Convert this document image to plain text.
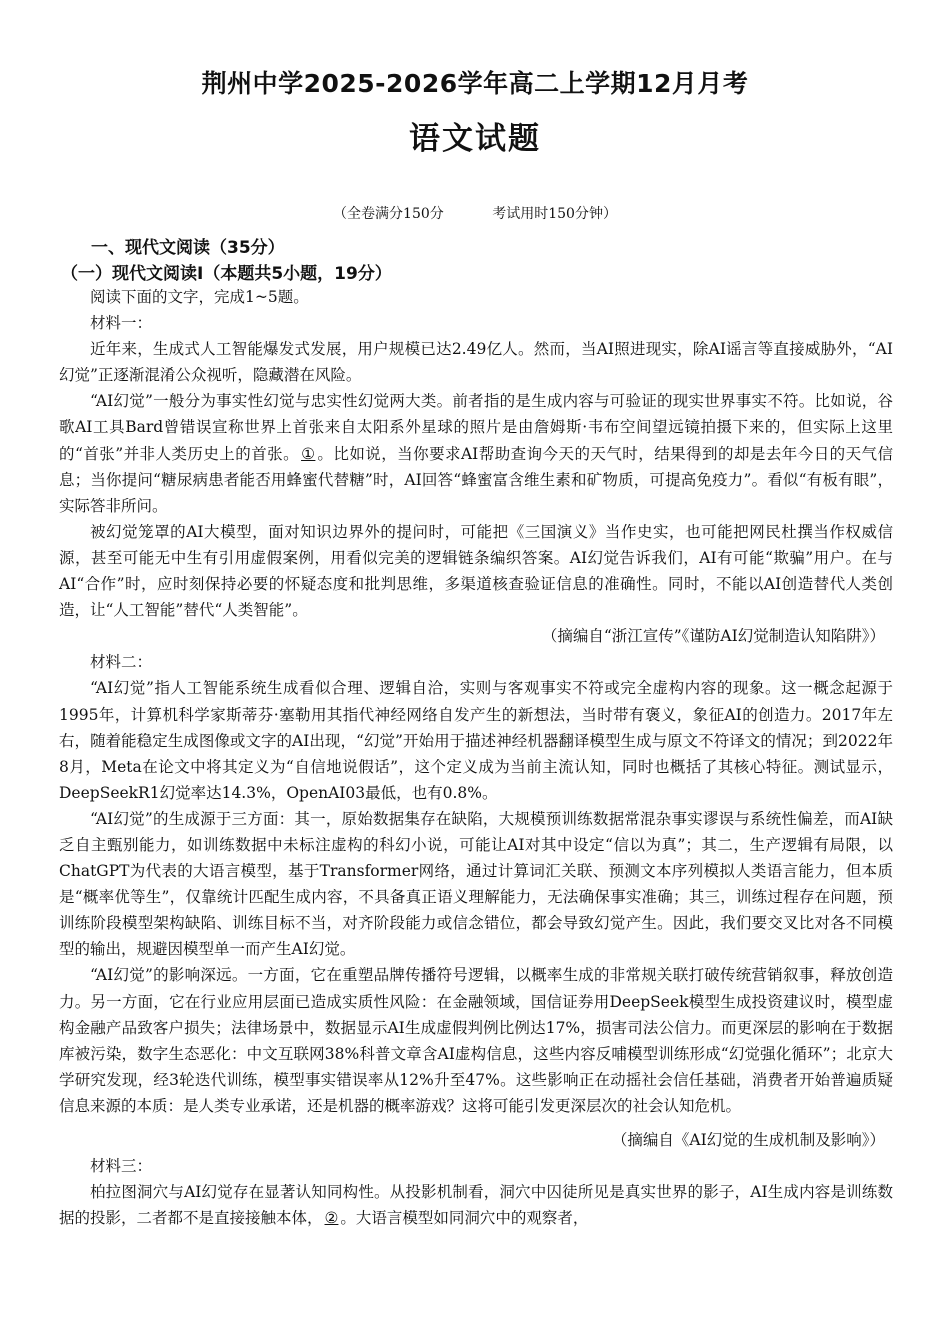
荆州中学2025-2026学年高二上学期12月月考
语文试题
（全卷满分150分	考试用时150分钟）
一、现代文阅读（35分）
（一）现代文阅读Ⅰ（本题共5小题，19分）

阅读下面的文字，完成1~5题。

材料一：

近年来，生成式人工智能爆发式发展，用户规模已达2.49亿人。然而，当AI照进现实，除AI谣言等直接威胁外，“AI幻觉”正逐渐混淆公众视听，隐藏潜在风险。

“AI幻觉”一般分为事实性幻觉与忠实性幻觉两大类。前者指的是生成内容与可验证的现实世界事实不符。比如说，谷歌AI工具Bard曾错误宣称世界上首张来自太阳系外星球的照片是由詹姆斯·韦布空间望远镜拍摄下来的，但实际上这里的“首张”并非人类历史上的首张。 ① 。比如说，当你要求AI帮助查询今天的天气时，结果得到的却是去年今日的天气信息；当你提问“糖尿病患者能否用蜂蜜代替糖”时，AI回答“蜂蜜富含维生素和矿物质，可提高免疫力”。看似“有板有眼”，实际答非所问。

被幻觉笼罩的AI大模型，面对知识边界外的提问时，可能把《三国演义》当作史实，也可能把网民杜撰当作权威信源，甚至可能无中生有引用虚假案例，用看似完美的逻辑链条编织答案。AI幻觉告诉我们，AI有可能“欺骗”用户。在与AI“合作”时，应时刻保持必要的怀疑态度和批判思维，多渠道核查验证信息的准确性。同时，不能以AI创造替代人类创造，让“人工智能”替代“人类智能”。

（摘编自“浙江宣传”《谨防AI幻觉制造认知陷阱》）

材料二：

“AI幻觉”指人工智能系统生成看似合理、逻辑自洽，实则与客观事实不符或完全虚构内容的现象。这一概念起源于1995年，计算机科学家斯蒂芬·塞勒用其指代神经网络自发产生的新想法，当时带有褒义，象征AI的创造力。2017年左右，随着能稳定生成图像或文字的AI出现，“幻觉”开始用于描述神经机器翻译模型生成与原文不符译文的情况；到2022年8月，Meta在论文中将其定义为“自信地说假话”，这个定义成为当前主流认知，同时也概括了其核心特征。测试显示，DeepSeekR1幻觉率达14.3%，OpenAI03最低，也有0.8%。

“AI幻觉”的生成源于三方面：其一，原始数据集存在缺陷，大规模预训练数据常混杂事实谬误与系统性偏差，而AI缺乏自主甄别能力，如训练数据中未标注虚构的科幻小说，可能让AI对其中设定“信以为真”；其二，生产逻辑有局限，以ChatGPT为代表的大语言模型，基于Transformer网络，通过计算词汇关联、预测文本序列模拟人类语言能力，但本质是“概率优等生”，仅靠统计匹配生成内容，不具备真正语义理解能力，无法确保事实准确；其三，训练过程存在问题，预训练阶段模型架构缺陷、训练目标不当，对齐阶段能力或信念错位，都会导致幻觉产生。因此，我们要交叉比对各不同模型的输出，规避因模型单一而产生AI幻觉。

“AI幻觉”的影响深远。一方面，它在重塑品牌传播符号逻辑，以概率生成的非常规关联打破传统营销叙事，释放创造力。另一方面，它在行业应用层面已造成实质性风险：在金融领域，国信证券用DeepSeek模型生成投资建议时，模型虚构金融产品致客户损失；法律场景中，数据显示AI生成虚假判例比例达17%，损害司法公信力。而更深层的影响在于数据库被污染，数字生态恶化：中文互联网38%科普文章含AI虚构信息，这些内容反哺模型训练形成“幻觉强化循环”；北京大学研究发现，经3轮迭代训练，模型事实错误率从12%升至47%。这些影响正在动摇社会信任基础，消费者开始普遍质疑信息来源的本质：是人类专业承诺，还是机器的概率游戏？这将可能引发更深层次的社会认知危机。

（摘编自《AI幻觉的生成机制及影响》）

材料三：

柏拉图洞穴与AI幻觉存在显著认知同构性。从投影机制看，洞穴中囚徒所见是真实世界的影子，AI生成内容是训练数据的投影，二者都不是直接接触本体， ② 。大语言模型如同洞穴中的观察者，
